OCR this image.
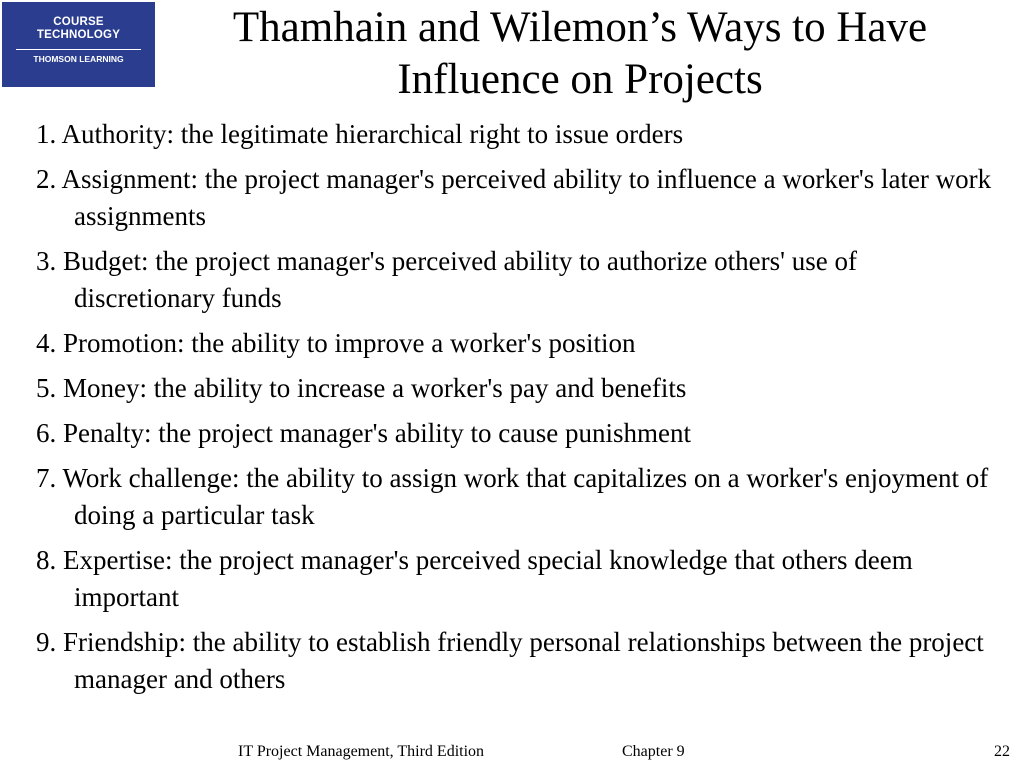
COURSE
TECHNOLOGY
THOMSON LEARNING
Thamhain and Wilemon’s Ways to Have Influence on Projects
1. Authority: the legitimate hierarchical right to issue orders
2. Assignment: the project manager's perceived ability to influence a worker's later work assignments
3. Budget: the project manager's perceived ability to authorize others' use of discretionary funds
4. Promotion: the ability to improve a worker's position
5. Money: the ability to increase a worker's pay and benefits
6. Penalty: the project manager's ability to cause punishment
7. Work challenge: the ability to assign work that capitalizes on a worker's enjoyment of doing a particular task
8. Expertise: the project manager's perceived special knowledge that others deem important
9. Friendship: the ability to establish friendly personal relationships between the project manager and others
IT Project Management, Third Edition	Chapter 9	22
